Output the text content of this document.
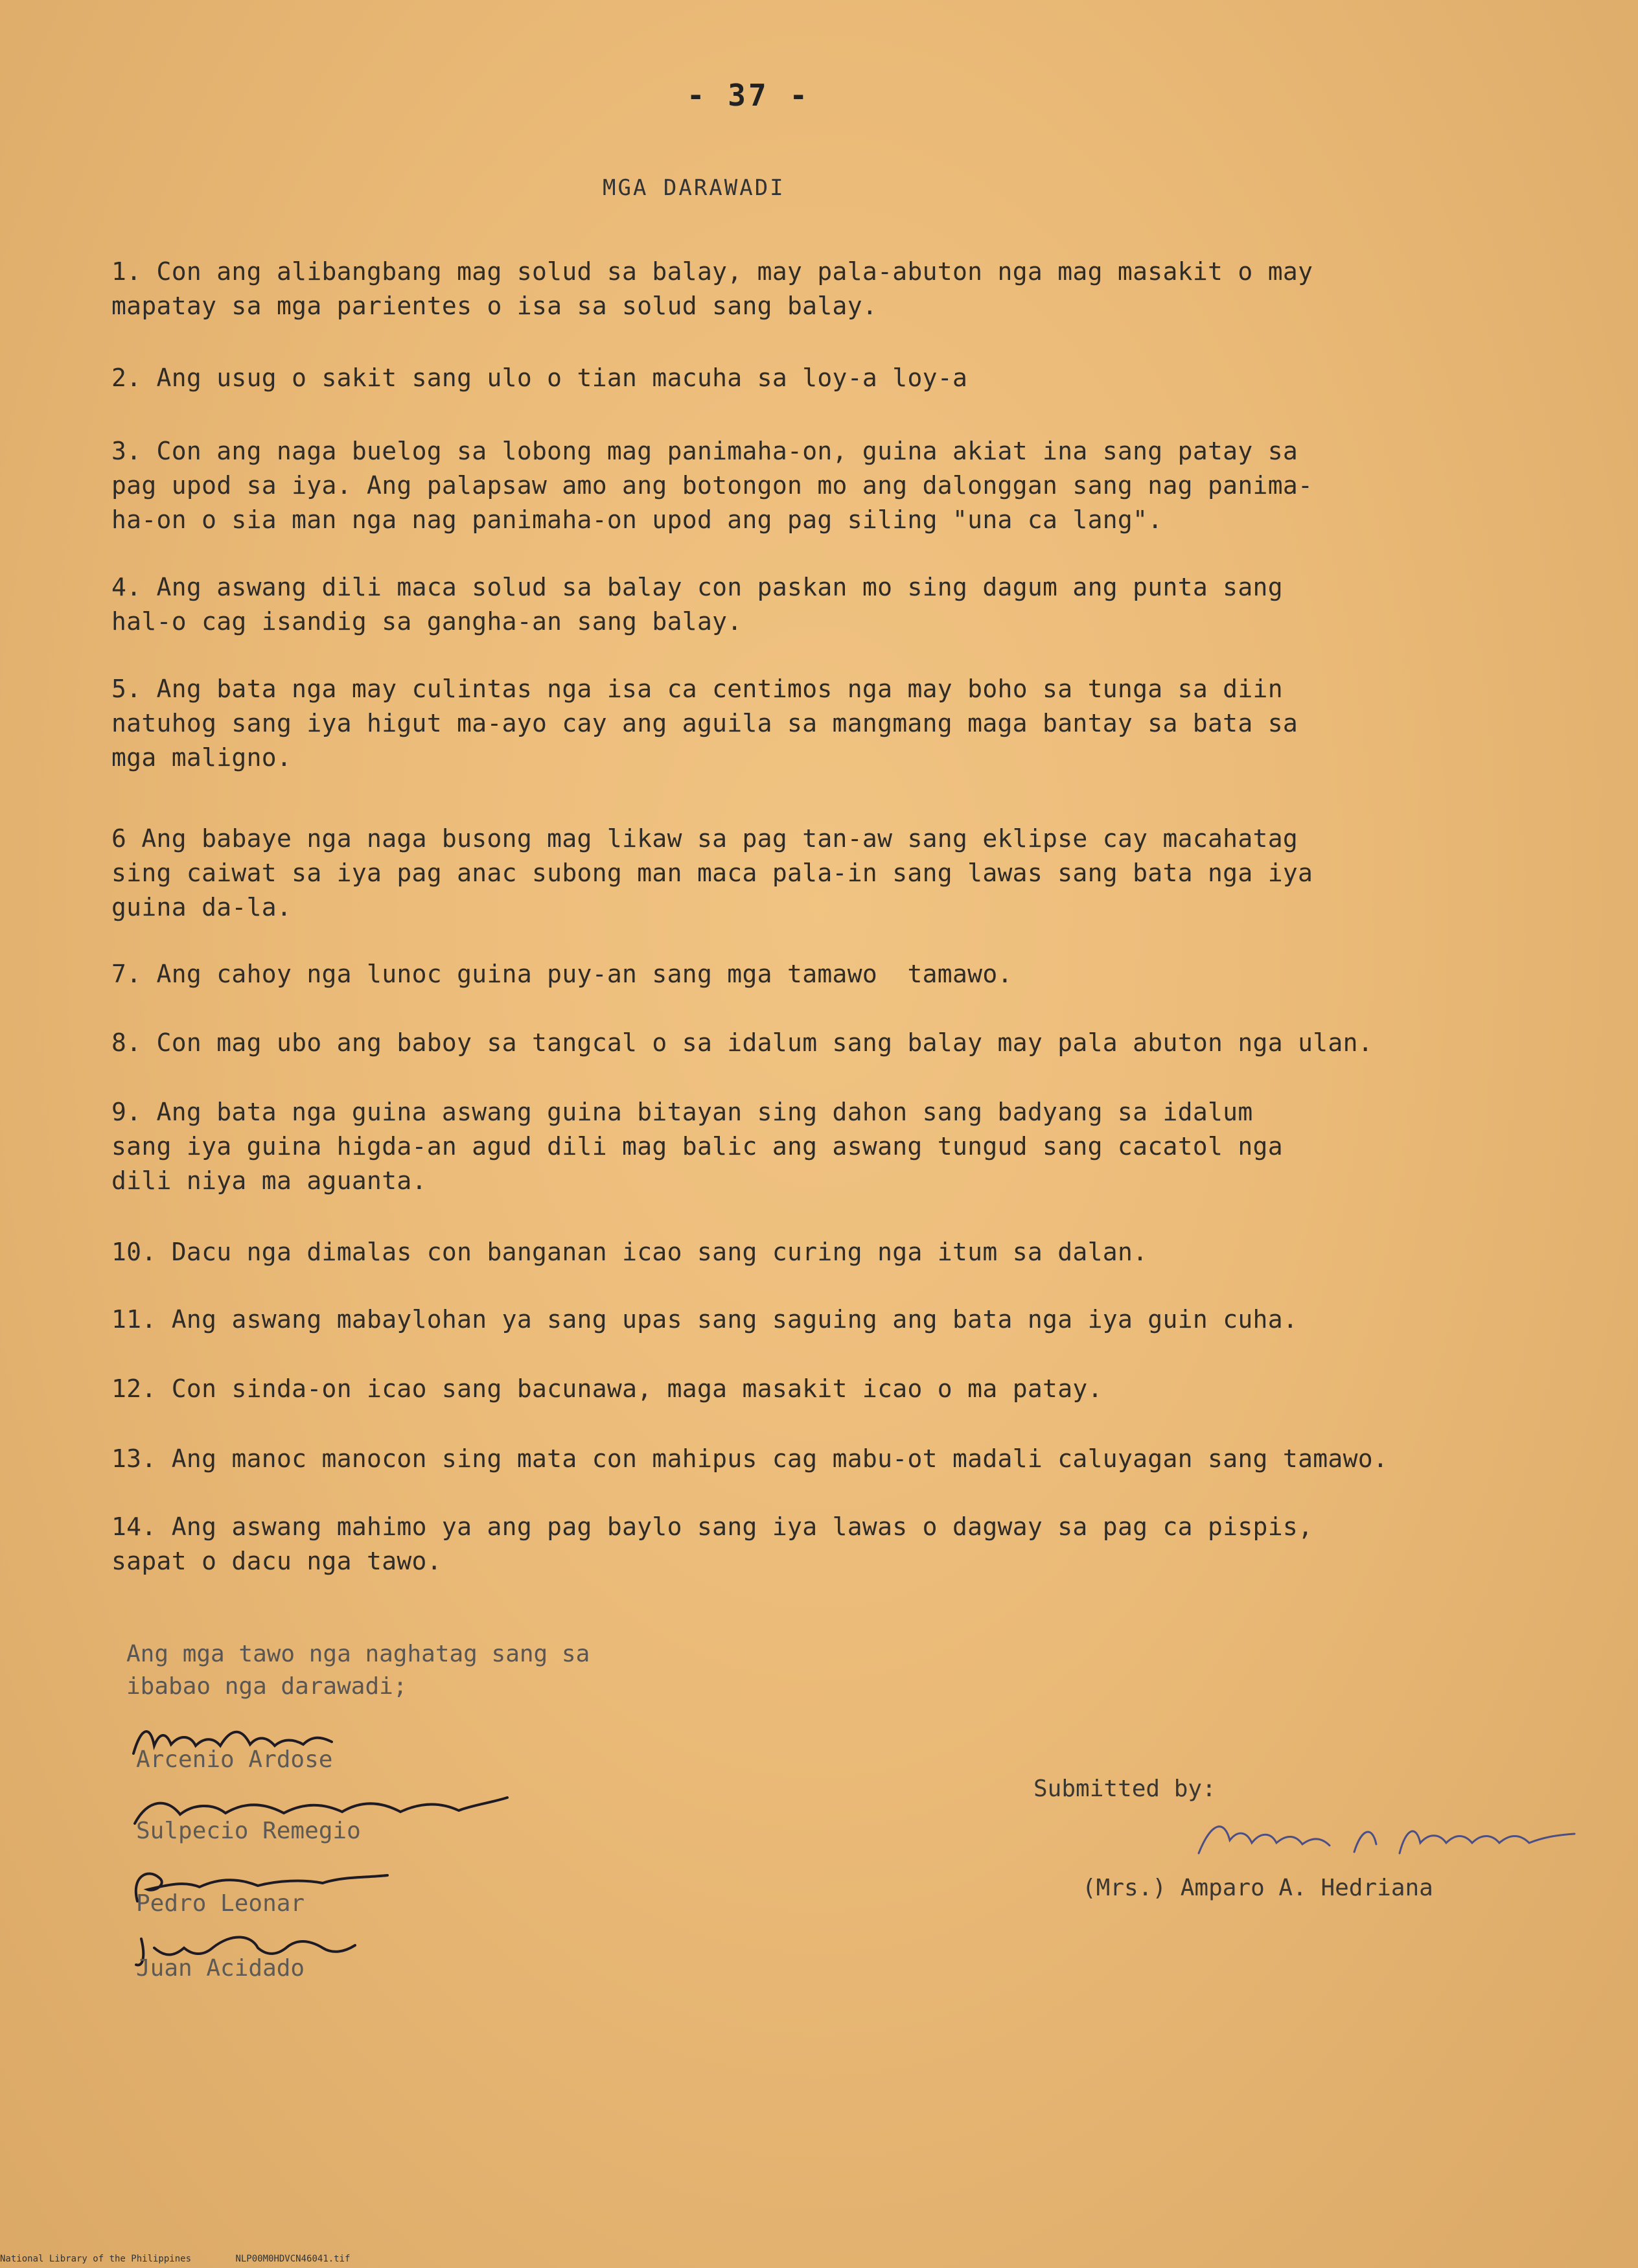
- 37 -
MGA DARAWADI
1. Con ang alibangbang mag solud sa balay, may pala-abuton nga mag masakit o may
mapatay sa mga parientes o isa sa solud sang balay.
2. Ang usug o sakit sang ulo o tian macuha sa loy-a loy-a
3. Con ang naga buelog sa lobong mag panimaha-on, guina akiat ina sang patay sa
pag upod sa iya. Ang palapsaw amo ang botongon mo ang dalonggan sang nag panima-
ha-on o sia man nga nag panimaha-on upod ang pag siling "una ca lang".
4. Ang aswang dili maca solud sa balay con paskan mo sing dagum ang punta sang
hal-o cag isandig sa gangha-an sang balay.
5. Ang bata nga may culintas nga isa ca centimos nga may boho sa tunga sa diin
natuhog sang iya higut ma-ayo cay ang aguila sa mangmang maga bantay sa bata sa
mga maligno.
6 Ang babaye nga naga busong mag likaw sa pag tan-aw sang eklipse cay macahatag
sing caiwat sa iya pag anac subong man maca pala-in sang lawas sang bata nga iya
guina da-la.
7. Ang cahoy nga lunoc guina puy-an sang mga tamawo  tamawo.
8. Con mag ubo ang baboy sa tangcal o sa idalum sang balay may pala abuton nga ulan.
9. Ang bata nga guina aswang guina bitayan sing dahon sang badyang sa idalum
sang iya guina higda-an agud dili mag balic ang aswang tungud sang cacatol nga
dili niya ma aguanta.
10. Dacu nga dimalas con banganan icao sang curing nga itum sa dalan.
11. Ang aswang mabaylohan ya sang upas sang saguing ang bata nga iya guin cuha.
12. Con sinda-on icao sang bacunawa, maga masakit icao o ma patay.
13. Ang manoc manocon sing mata con mahipus cag mabu-ot madali caluyagan sang tamawo.
14. Ang aswang mahimo ya ang pag baylo sang iya lawas o dagway sa pag ca pispis,
sapat o dacu nga tawo.
Ang mga tawo nga naghatag sang sa
ibabao nga darawadi;
Arcenio Ardose
Sulpecio Remegio
Pedro Leonar
Juan Acidado
Submitted by:
(Mrs.) Amparo A. Hedriana
National Library of the Philippines	NLP00M0HDVCN46041.tif
